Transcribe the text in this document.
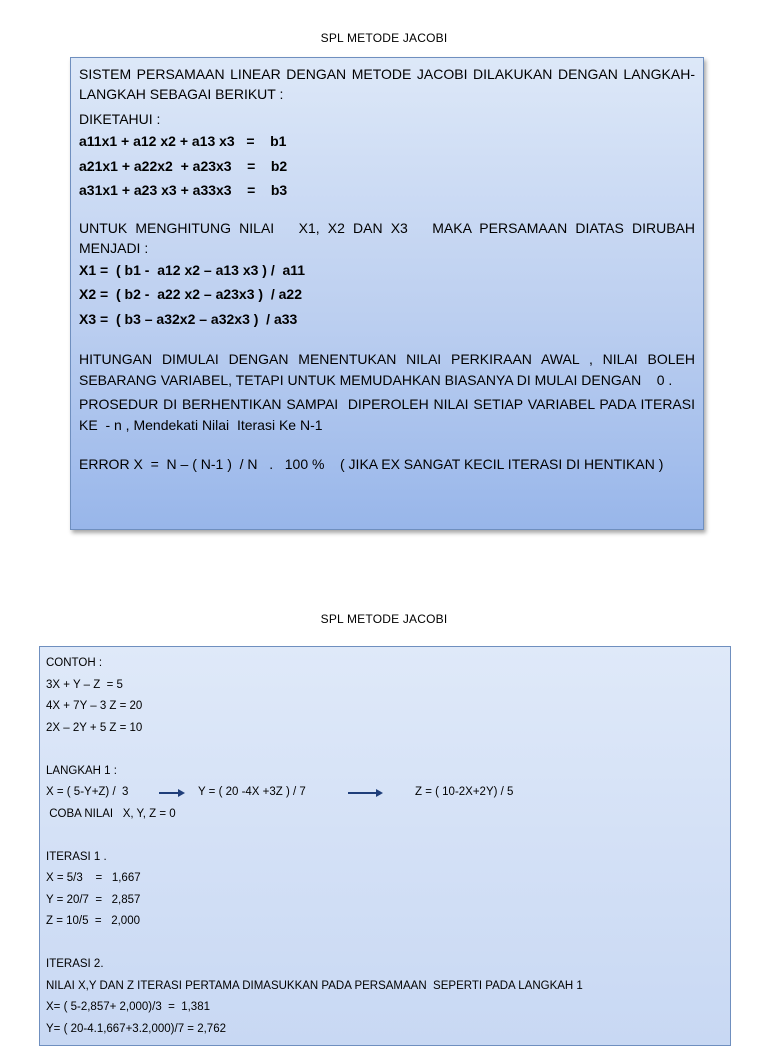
SPL METODE JACOBI
SISTEM PERSAMAAN LINEAR DENGAN METODE JACOBI DILAKUKAN DENGAN LANGKAH-LANGKAH SEBAGAI BERIKUT :
DIKETAHUI :
a11x1 + a12 x2 + a13 x3   =    b1
a21x1 + a22x2  + a23x3    =    b2
a31x1 + a23 x3 + a33x3    =    b3
UNTUK MENGHITUNG NILAI   X1, X2 DAN X3   MAKA PERSAMAAN DIATAS DIRUBAH MENJADI :
X1 =  ( b1 -  a12 x2 – a13 x3 ) /  a11
X2 =  ( b2 -  a22 x2 – a23x3 )  / a22
X3 =  ( b3 – a32x2 – a32x3 )  / a33
HITUNGAN DIMULAI DENGAN MENENTUKAN NILAI PERKIRAAN AWAL , NILAI BOLEH SEBARANG VARIABEL, TETAPI UNTUK MEMUDAHKAN BIASANYA DI MULAI DENGAN    0 .
PROSEDUR DI BERHENTIKAN SAMPAI  DIPEROLEH NILAI SETIAP VARIABEL PADA ITERASI KE  - n , Mendekati Nilai  Iterasi Ke N-1
ERROR X  =  N – ( N-1 )  / N   .   100 %    ( JIKA EX SANGAT KECIL ITERASI DI HENTIKAN )
SPL METODE JACOBI
CONTOH :
3X + Y – Z  = 5
4X + 7Y – 3 Z = 20
2X – 2Y + 5 Z = 10
LANGKAH 1 :
X = ( 5-Y+Z) /  3

	Y = ( 20 -4X +3Z ) / 7

	Z = ( 10-2X+2Y) / 5
COBA NILAI   X, Y, Z = 0
ITERASI 1 .
X = 5/3    =   1,667
Y = 20/7  =   2,857
Z = 10/5  =   2,000
ITERASI 2.
NILAI X,Y DAN Z ITERASI PERTAMA DIMASUKKAN PADA PERSAMAAN  SEPERTI PADA LANGKAH 1
X= ( 5-2,857+ 2,000)/3  =  1,381
Y= ( 20-4.1,667+3.2,000)/7 = 2,762
